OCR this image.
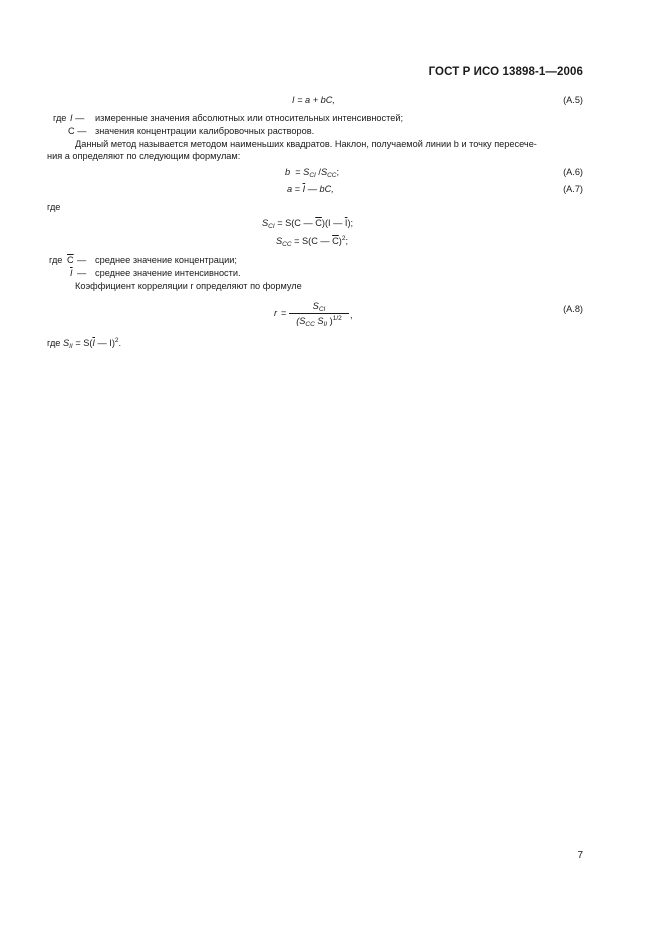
ГОСТ Р ИСО 13898-1—2006
I = a + bC,	(A.5)
где I — измеренные значения абсолютных или относительных интенсивностей;
C — значения концентрации калибровочных растворов.
Данный метод называется методом наименьших квадратов. Наклон, получаемой линии b и точку пересече-
ния a определяют по следующим формулам:
$b = S_{CI}$ $/S_{CC}$;	(A.6)
$a = \overline{I}$ — bC,	(A.7)
где
$S_{CI} = S(C$ — $\overline{C})(I$ — $\overline{I}$);
$S_{CC} = S(C$ — $\overline{C})^2$;
где $\overline{C}$ — среднее значение концентрации;
$\overline{I}$ — среднее значение интенсивности.
Коэффициент корреляции r определяют по формуле
r =
$S_{CI}$
($S_{CC}$ $S_{II}$ )$^{1/2}$ ,
(A.8)
где $S_{II} = S(\overline{I}$ — I)$^2$.
7
